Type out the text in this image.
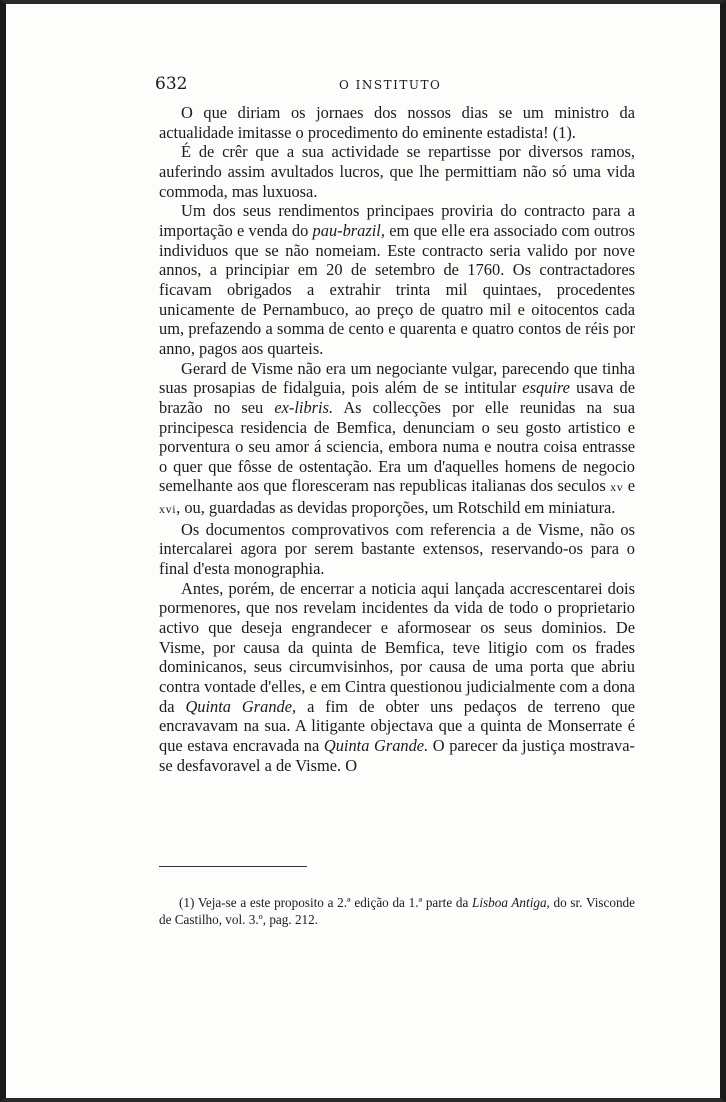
632	O INSTITUTO

O que diriam os jornaes dos nossos dias se um ministro da actualidade imitasse o procedimento do eminente estadista! (1).

É de crêr que a sua actividade se repartisse por diversos ramos, auferindo assim avultados lucros, que lhe permittiam não só uma vida commoda, mas luxuosa.

Um dos seus rendimentos principaes proviria do contracto para a importação e venda do pau-brazil, em que elle era associado com outros individuos que se não nomeiam. Este contracto seria valido por nove annos, a principiar em 20 de setembro de 1760. Os contractadores ficavam obrigados a extrahir trinta mil quintaes, procedentes unicamente de Pernambuco, ao preço de quatro mil e oitocentos cada um, prefazendo a somma de cento e quarenta e quatro contos de réis por anno, pagos aos quarteis.

Gerard de Visme não era um negociante vulgar, parecendo que tinha suas prosapias de fidalguia, pois além de se intitular esquire usava de brazão no seu ex-libris. As collecções por elle reunidas na sua principesca residencia de Bemfica, denunciam o seu gosto artistico e porventura o seu amor á sciencia, embora numa e noutra coisa entrasse o quer que fôsse de ostentação. Era um d'aquelles homens de negocio semelhante aos que floresceram nas republicas italianas dos seculos xv e xvi, ou, guardadas as devidas proporções, um Rotschild em miniatura.

Os documentos comprovativos com referencia a de Visme, não os intercalarei agora por serem bastante extensos, reservando-os para o final d'esta monographia.

Antes, porém, de encerrar a noticia aqui lançada accrescentarei dois pormenores, que nos revelam incidentes da vida de todo o proprietario activo que deseja engrandecer e aformosear os seus dominios. De Visme, por causa da quinta de Bemfica, teve litigio com os frades dominicanos, seus circumvisinhos, por causa de uma porta que abriu contra vontade d'elles, e em Cintra questionou judicialmente com a dona da Quinta Grande, a fim de obter uns pedaços de terreno que encravavam na sua. A litigante objectava que a quinta de Monserrate é que estava encravada na Quinta Grande. O parecer da justiça mostrava-se desfavoravel a de Visme. O

(1) Veja-se a este proposito a 2.ª edição da 1.ª parte da Lisboa Antiga, do sr. Visconde de Castilho, vol. 3.º, pag. 212.
